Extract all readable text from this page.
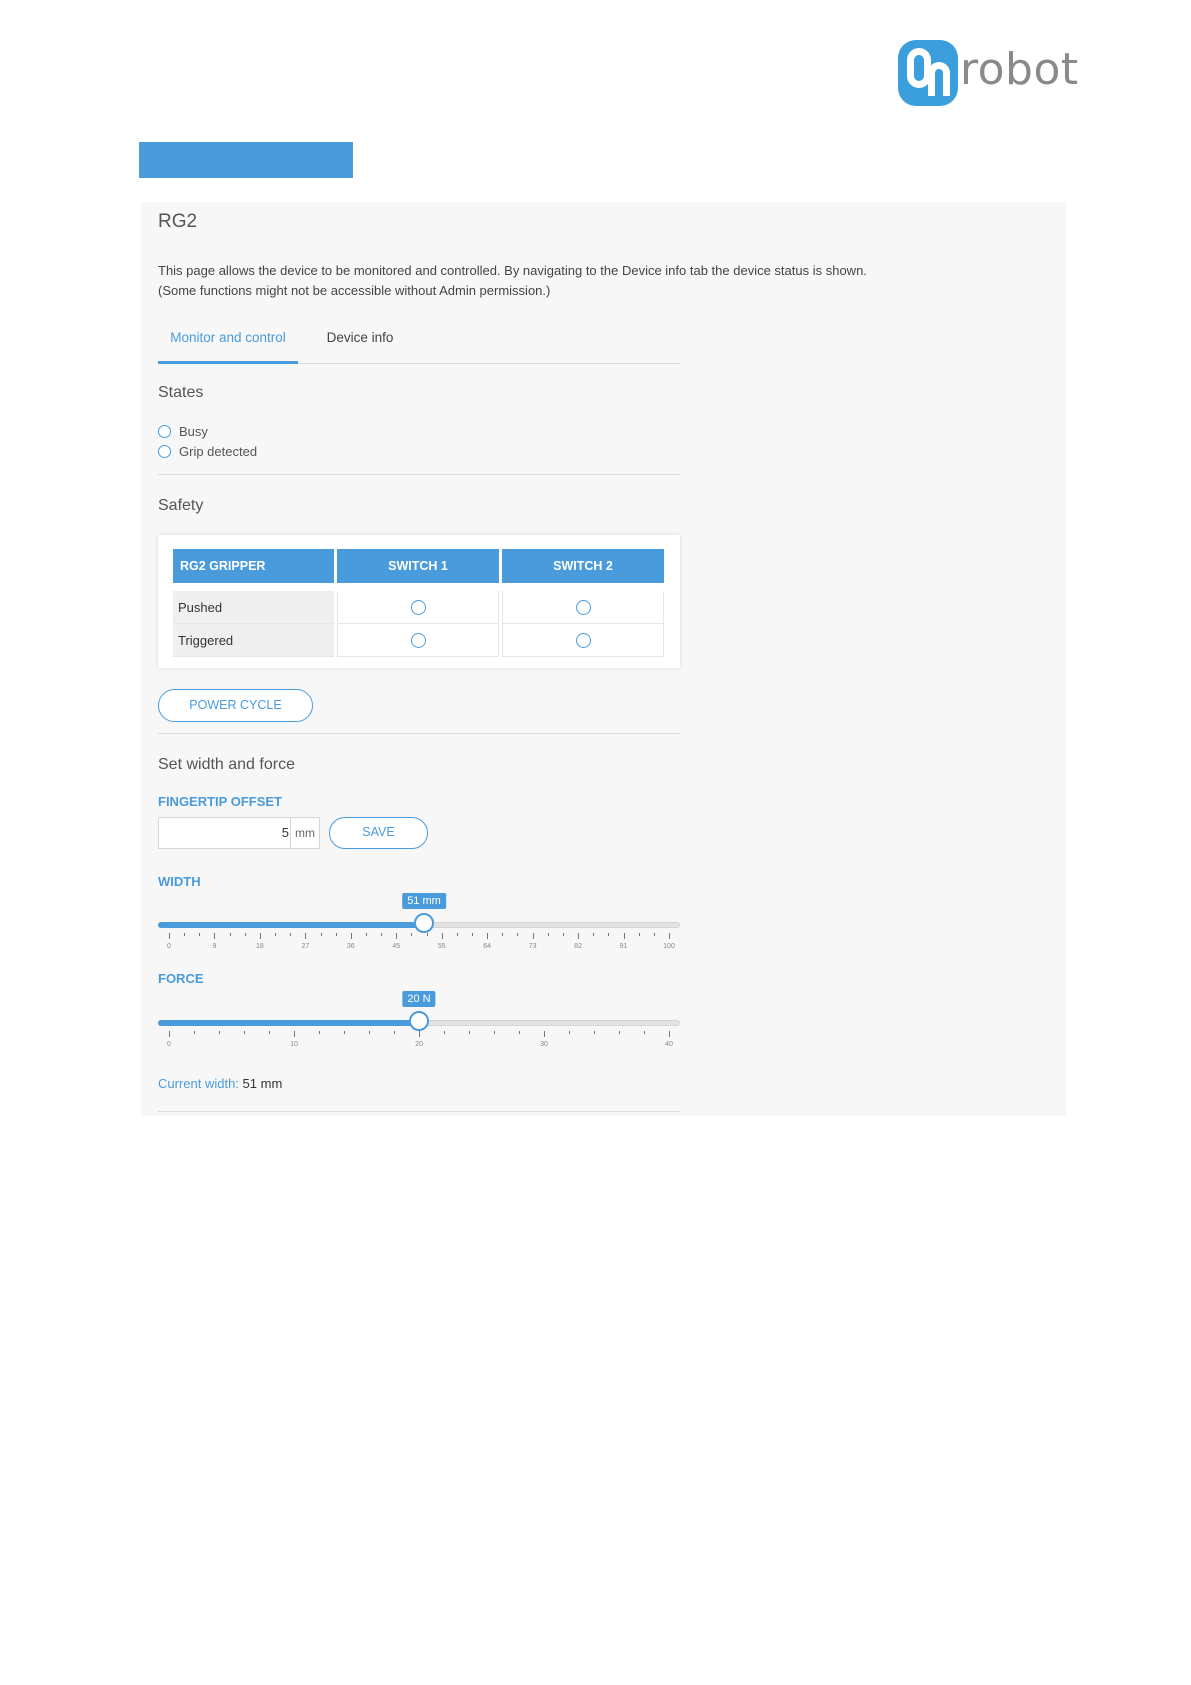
robot
RG2
This page allows the device to be monitored and controlled. By navigating to the Device info tab the device status is shown.
(Some functions might not be accessible without Admin permission.)
Monitor and control	Device info
States
Busy
Grip detected
Safety
RG2 GRIPPER	SWITCH 1	SWITCH 2
Pushed		
Triggered		
POWER CYCLE
Set width and force
FINGERTIP OFFSET
5 mm	SAVE
WIDTH
51 mm
0	9	18	27	36	45	55	64	73	82	91	100
FORCE
20 N
0	10	20	30	40
Current width: 51 mm
